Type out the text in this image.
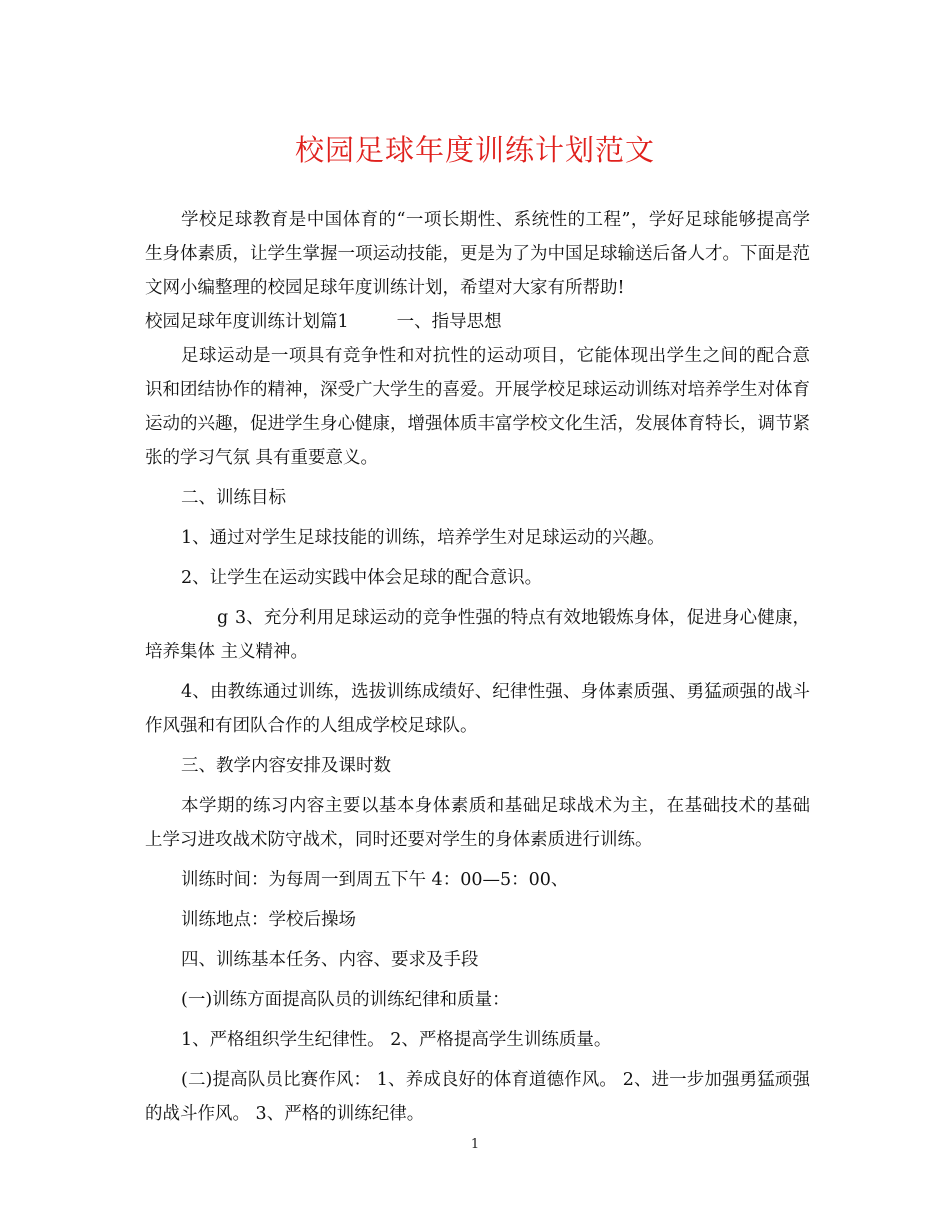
校园足球年度训练计划范文

学校足球教育是中国体育的“一项长期性、系统性的工程”，学好足球能够提高学生身体素质，让学生掌握一项运动技能，更是为了为中国足球输送后备人才。下面是范文网小编整理的校园足球年度训练计划，希望对大家有所帮助!

校园足球年度训练计划篇1	一、指导思想

足球运动是一项具有竞争性和对抗性的运动项目，它能体现出学生之间的配合意识和团结协作的精神，深受广大学生的喜爱。开展学校足球运动训练对培养学生对体育运动的兴趣，促进学生身心健康，增强体质丰富学校文化生活，发展体育特长，调节紧张的学习气氛 具有重要意义。

二、训练目标

1、通过对学生足球技能的训练，培养学生对足球运动的兴趣。

2、让学生在运动实践中体会足球的配合意识。

g 3、充分利用足球运动的竞争性强的特点有效地锻炼身体，促进身心健康，培养集体 主义精神。

4、由教练通过训练，选拔训练成绩好、纪律性强、身体素质强、勇猛顽强的战斗作风强和有团队合作的人组成学校足球队。

三、教学内容安排及课时数

本学期的练习内容主要以基本身体素质和基础足球战术为主，在基础技术的基础上学习进攻战术防守战术，同时还要对学生的身体素质进行训练。

训练时间：为每周一到周五下午 4：00—5：00、

训练地点：学校后操场

四、训练基本任务、内容、要求及手段

(一)训练方面提高队员的训练纪律和质量：

1、严格组织学生纪律性。 2、严格提高学生训练质量。

(二)提高队员比赛作风： 1、养成良好的体育道德作风。 2、进一步加强勇猛顽强的战斗作风。 3、严格的训练纪律。

1
